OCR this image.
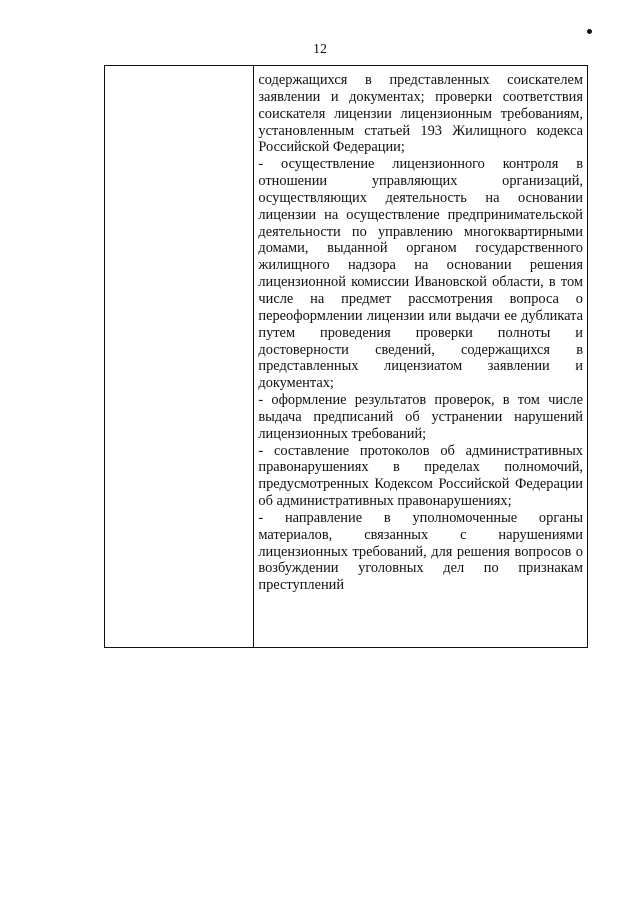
12

содержащихся в представленных соискателем заявлении и документах; проверки соответствия соискателя лицензии лицензионным требованиям, установленным статьей 193 Жилищного кодекса Российской Федерации;

- осуществление лицензионного контроля в отношении управляющих организаций, осуществляющих деятельность на основании лицензии на осуществление предпринимательской деятельности по управлению многоквартирными домами, выданной органом государственного жилищного надзора на основании решения лицензионной комиссии Ивановской области, в том числе на предмет рассмотрения вопроса о переоформлении лицензии или выдачи ее дубликата путем проведения проверки полноты и достоверности сведений, содержащихся в представленных лицензиатом заявлении и документах;

- оформление результатов проверок, в том числе выдача предписаний об устранении нарушений лицензионных требований;

- составление протоколов об административных правонарушениях в пределах полномочий, предусмотренных Кодексом Российской Федерации об административных правонарушениях;

- направление в уполномоченные органы материалов, связанных с нарушениями лицензионных требований, для решения вопросов о возбуждении уголовных дел по признакам преступлений
